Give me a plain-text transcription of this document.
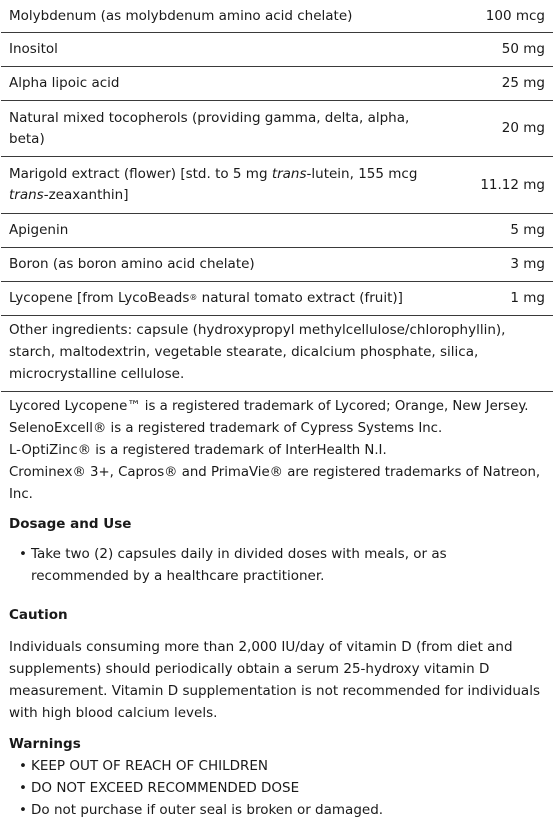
Molybdenum (as molybdenum amino acid chelate)	100 mcg
Inositol	50 mg
Alpha lipoic acid	25 mg
Natural mixed tocopherols (providing gamma, delta, alpha, beta)	20 mg
Marigold extract (flower) [std. to 5 mg trans-lutein, 155 mcg trans-zeaxanthin]	11.12 mg
Apigenin	5 mg
Boron (as boron amino acid chelate)	3 mg
Lycopene [from LycoBeads® natural tomato extract (fruit)]	1 mg
Other ingredients: capsule (hydroxypropyl methylcellulose/chlorophyllin), starch, maltodextrin, vegetable stearate, dicalcium phosphate, silica, microcrystalline cellulose.
Lycored Lycopene™ is a registered trademark of Lycored; Orange, New Jersey.
SelenoExcell® is a registered trademark of Cypress Systems Inc.
L-OptiZinc® is a registered trademark of InterHealth N.I.
Crominex® 3+, Capros® and PrimaVie® are registered trademarks of Natreon, Inc.
Dosage and Use
• Take two (2) capsules daily in divided doses with meals, or as recommended by a healthcare practitioner.
Caution
Individuals consuming more than 2,000 IU/day of vitamin D (from diet and supplements) should periodically obtain a serum 25-hydroxy vitamin D measurement. Vitamin D supplementation is not recommended for individuals with high blood calcium levels.
Warnings
• KEEP OUT OF REACH OF CHILDREN
• DO NOT EXCEED RECOMMENDED DOSE
• Do not purchase if outer seal is broken or damaged.
